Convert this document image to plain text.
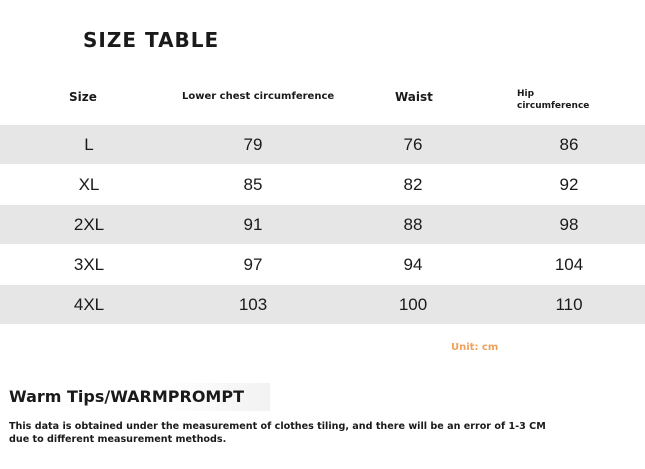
SIZE TABLE
Size	Lower chest circumference	Waist	Hip
circumference
L	79	76	86
XL	85	82	92
2XL	91	88	98
3XL	97	94	104
4XL	103	100	110
Unit: cm
Warm Tips/WARMPROMPT
This data is obtained under the measurement of clothes tiling, and there will be an error of 1-3 CM due to different measurement methods.
